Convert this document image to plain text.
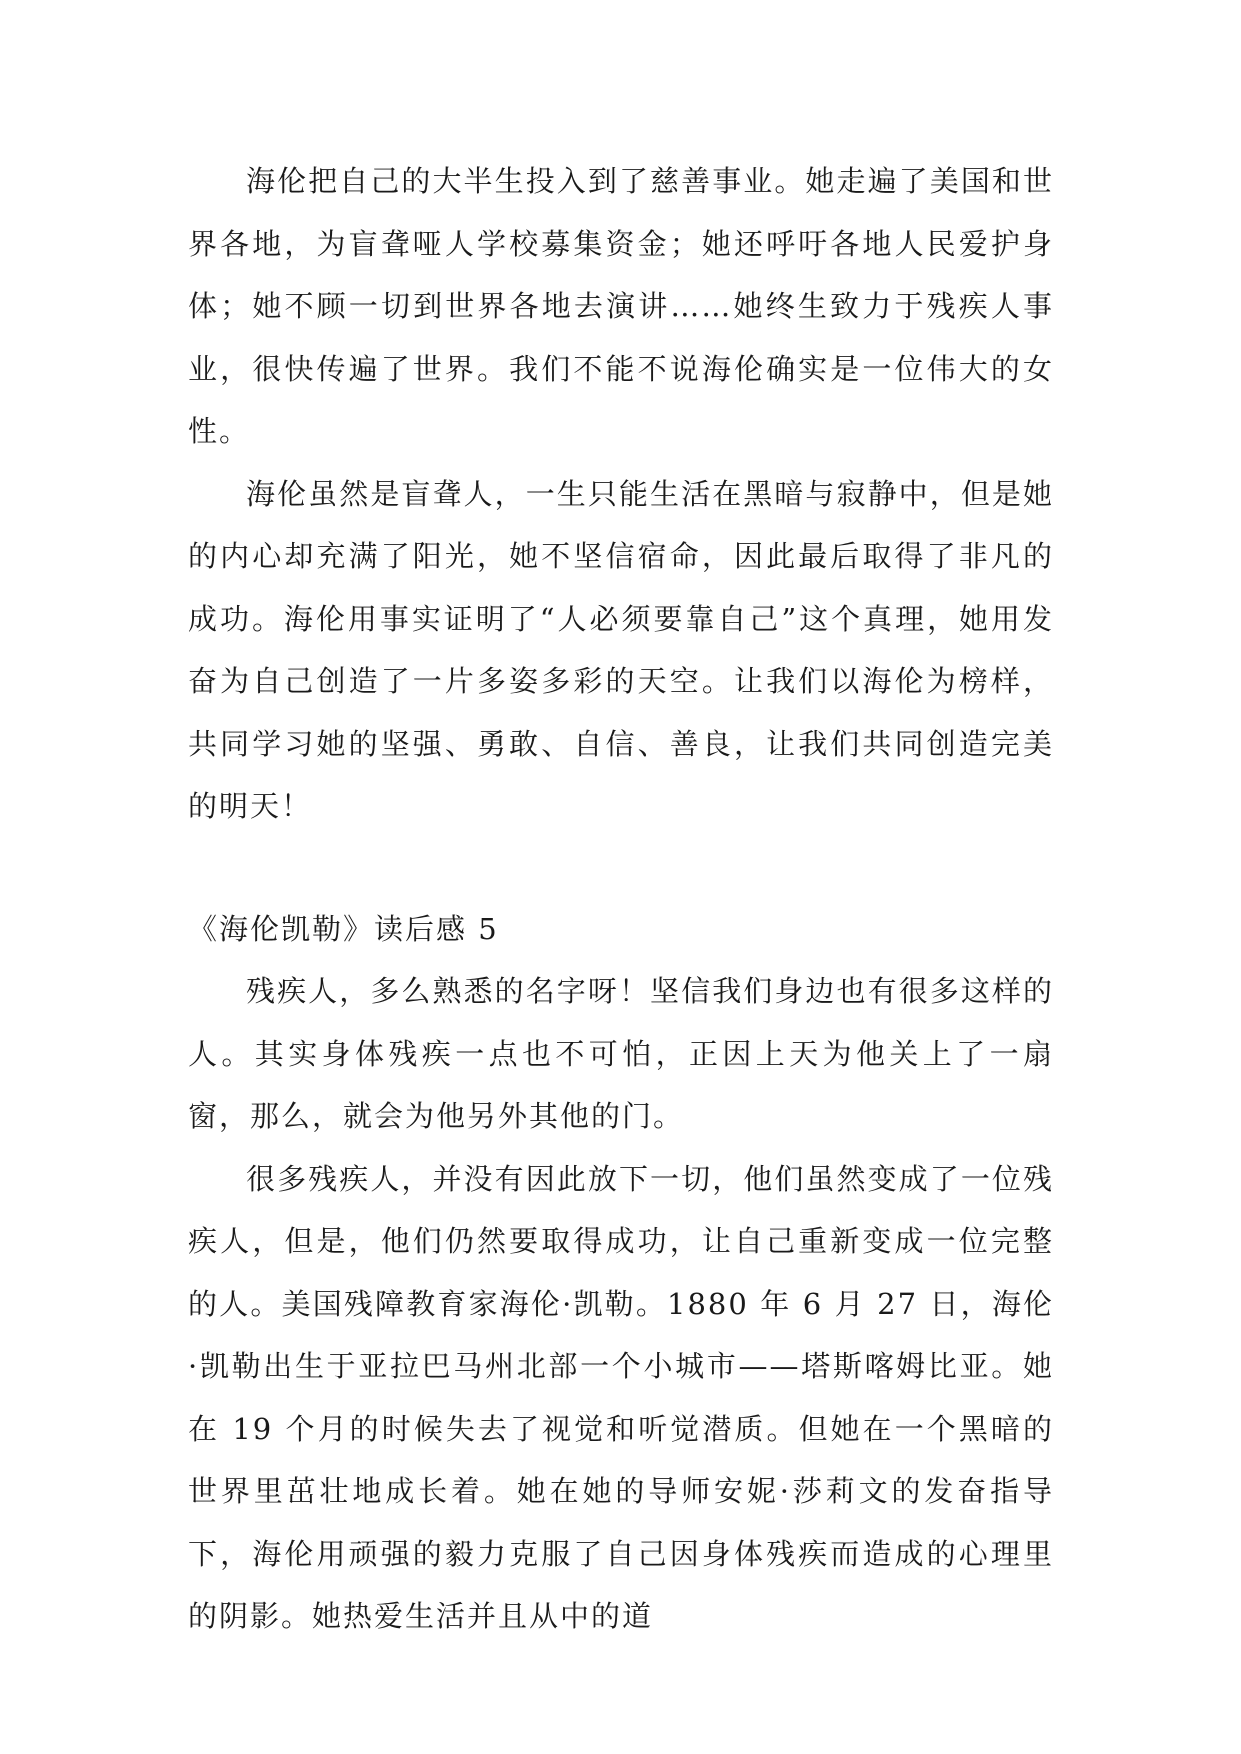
海伦把自己的大半生投入到了慈善事业。她走遍了美国和世界各地，为盲聋哑人学校募集资金；她还呼吁各地人民爱护身体；她不顾一切到世界各地去演讲……她终生致力于残疾人事业，很快传遍了世界。我们不能不说海伦确实是一位伟大的女性。

海伦虽然是盲聋人，一生只能生活在黑暗与寂静中，但是她的内心却充满了阳光，她不坚信宿命，因此最后取得了非凡的成功。海伦用事实证明了“人必须要靠自己”这个真理，她用发奋为自己创造了一片多姿多彩的天空。让我们以海伦为榜样，共同学习她的坚强、勇敢、自信、善良，让我们共同创造完美的明天！

《海伦凯勒》读后感 5

残疾人，多么熟悉的名字呀！坚信我们身边也有很多这样的人。其实身体残疾一点也不可怕，正因上天为他关上了一扇窗，那么，就会为他另外其他的门。

很多残疾人，并没有因此放下一切，他们虽然变成了一位残疾人，但是，他们仍然要取得成功，让自己重新变成一位完整的人。美国残障教育家海伦·凯勒。1880 年 6 月 27 日，海伦·凯勒出生于亚拉巴马州北部一个小城市——塔斯喀姆比亚。她在 19 个月的时候失去了视觉和听觉潜质。但她在一个黑暗的世界里茁壮地成长着。她在她的导师安妮·莎莉文的发奋指导下，海伦用顽强的毅力克服了自己因身体残疾而造成的心理里的阴影。她热爱生活并且从中的道
